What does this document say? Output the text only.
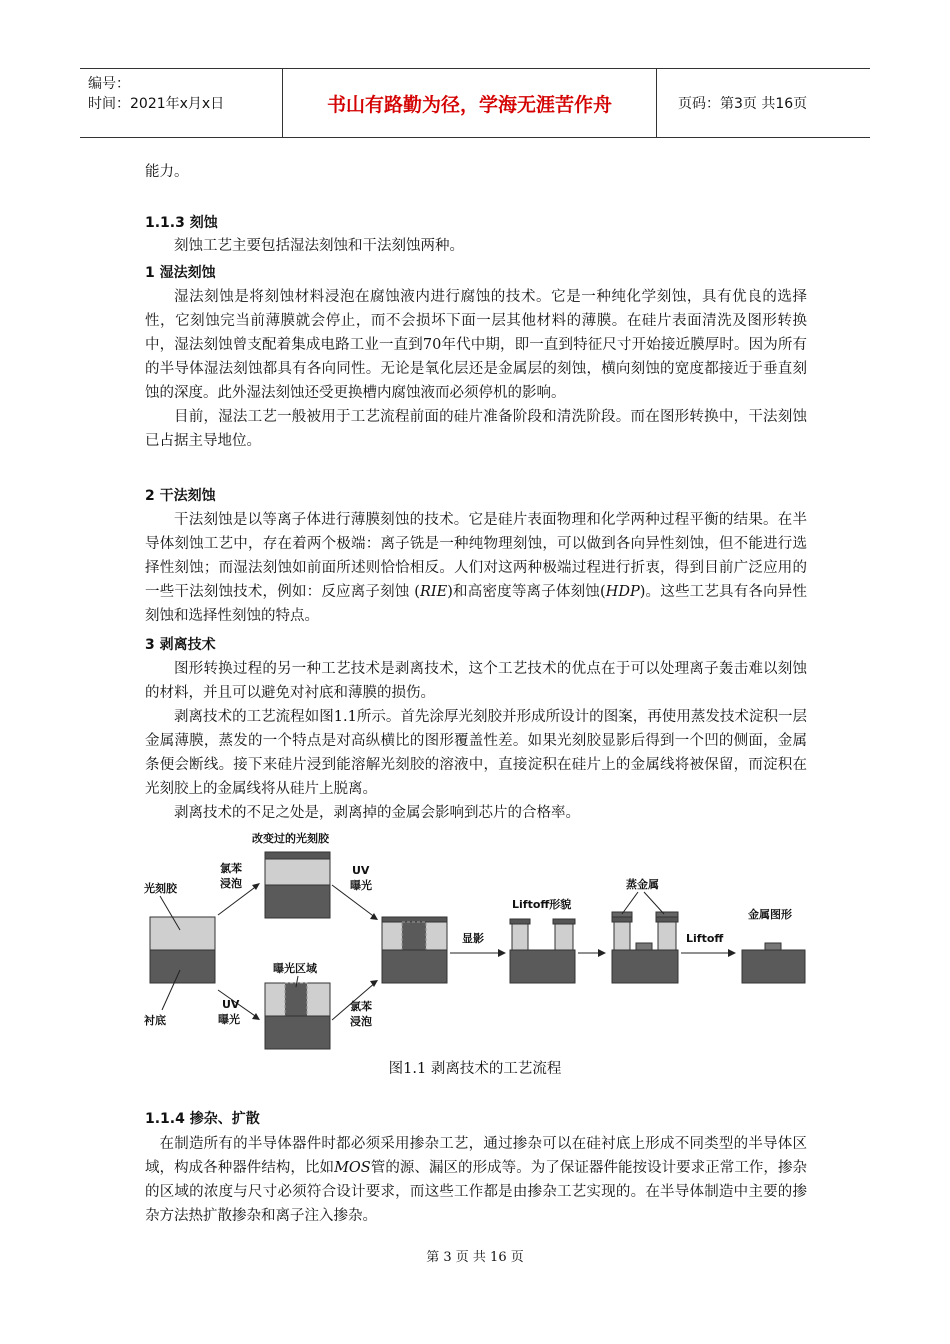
编号：
时间：2021年x月x日	书山有路勤为径，学海无涯苦作舟	页码：第3页 共16页
能力。
1.1.3 刻蚀

刻蚀工艺主要包括湿法刻蚀和干法刻蚀两种。

1 湿法刻蚀

湿法刻蚀是将刻蚀材料浸泡在腐蚀液内进行腐蚀的技术。它是一种纯化学刻蚀，具有优良的选择性，它刻蚀完当前薄膜就会停止，而不会损坏下面一层其他材料的薄膜。在硅片表面清洗及图形转换中，湿法刻蚀曾支配着集成电路工业一直到70年代中期，即一直到特征尺寸开始接近膜厚时。因为所有的半导体湿法刻蚀都具有各向同性。无论是氧化层还是金属层的刻蚀，横向刻蚀的宽度都接近于垂直刻蚀的深度。此外湿法刻蚀还受更换槽内腐蚀液而必须停机的影响。

目前，湿法工艺一般被用于工艺流程前面的硅片准备阶段和清洗阶段。而在图形转换中，干法刻蚀已占据主导地位。

2 干法刻蚀

干法刻蚀是以等离子体进行薄膜刻蚀的技术。它是硅片表面物理和化学两种过程平衡的结果。在半导体刻蚀工艺中，存在着两个极端：离子铣是一种纯物理刻蚀，可以做到各向异性刻蚀，但不能进行选择性刻蚀；而湿法刻蚀如前面所述则恰恰相反。人们对这两种极端过程进行折衷，得到目前广泛应用的一些干法刻蚀技术，例如：反应离子刻蚀 (RIE)和高密度等离子体刻蚀(HDP)。这些工艺具有各向异性刻蚀和选择性刻蚀的特点。

3 剥离技术

图形转换过程的另一种工艺技术是剥离技术，这个工艺技术的优点在于可以处理离子轰击难以刻蚀的材料，并且可以避免对衬底和薄膜的损伤。

剥离技术的工艺流程如图1.1所示。首先涂厚光刻胶并形成所设计的图案，再使用蒸发技术淀积一层金属薄膜，蒸发的一个特点是对高纵横比的图形覆盖性差。如果光刻胶显影后得到一个凹的侧面，金属条便会断线。接下来硅片浸到能溶解光刻胶的溶液中，直接淀积在硅片上的金属线将被保留，而淀积在光刻胶上的金属线将从硅片上脱离。

剥离技术的不足之处是，剥离掉的金属会影响到芯片的合格率。

光刻胶
衬底
氯苯
浸泡
改变过的光刻胶
UV
曝光
曝光区域
UV
曝光
氯苯
浸泡
显影
Liftoff形貌
蒸金属
Liftoff
金属图形
图1.1 剥离技术的工艺流程
1.1.4 掺杂、扩散

在制造所有的半导体器件时都必须采用掺杂工艺，通过掺杂可以在硅衬底上形成不同类型的半导体区域，构成各种器件结构，比如MOS管的源、漏区的形成等。为了保证器件能按设计要求正常工作，掺杂的区域的浓度与尺寸必须符合设计要求，而这些工作都是由掺杂工艺实现的。在半导体制造中主要的掺杂方法热扩散掺杂和离子注入掺杂。

第 3 页 共 16 页
